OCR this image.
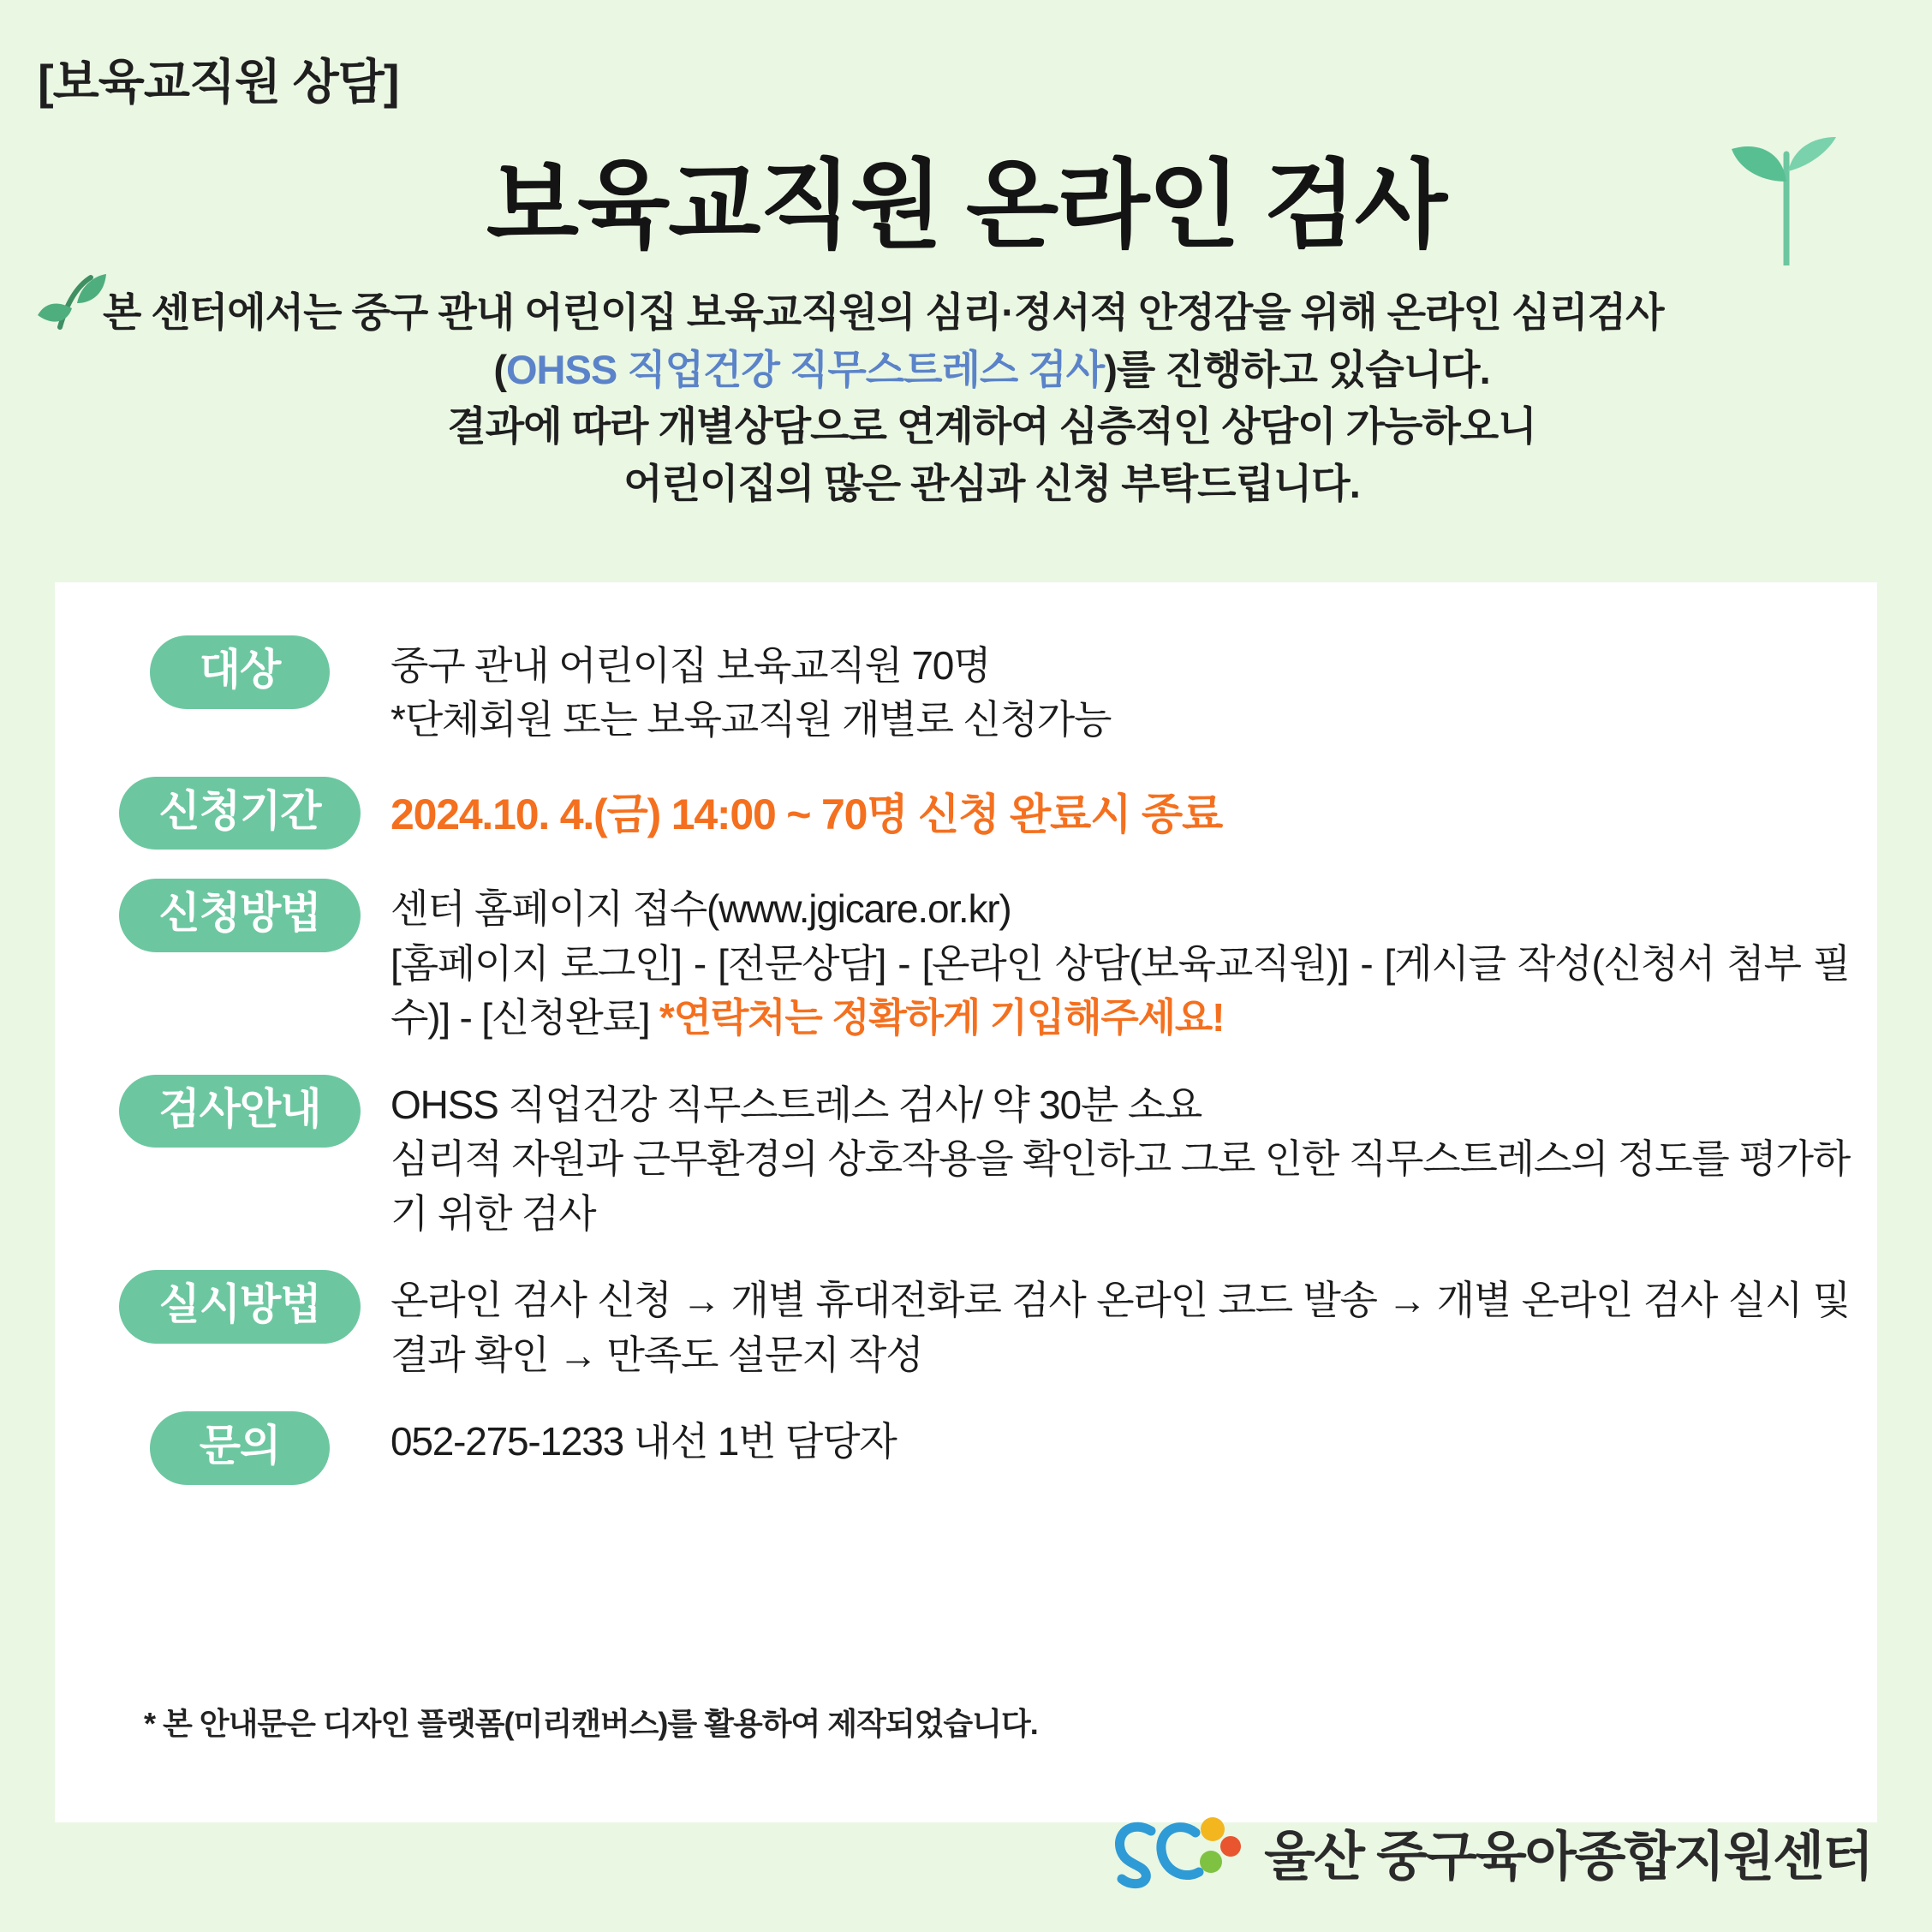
[보육교직원 상담]
보육교직원 온라인 검사
본 센터에서는 중구 관내 어린이집 보육교직원의 심리·정서적 안정감을 위해 온라인 심리검사
(OHSS 직업건강 직무스트레스 검사)를 진행하고 있습니다.
결과에 따라 개별상담으로 연계하여 심층적인 상담이 가능하오니
어린이집의 많은 관심과 신청 부탁드립니다.
대상	중구 관내 어린이집 보육교직원 70명
*단체회원 또는 보육교직원 개별로 신청가능
신청기간	2024.10. 4.(금) 14:00 ~ 70명 신청 완료시 종료
신청방법	센터 홈페이지 접수(www.jgicare.or.kr)
[홈페이지 로그인] - [전문상담] - [온라인 상담(보육교직원)] - [게시글 작성(신청서 첨부 필수)] - [신청완료] *연락처는 정확하게 기입해주세요!
검사안내	OHSS 직업건강 직무스트레스 검사/ 약 30분 소요
심리적 자원과 근무환경의 상호작용을 확인하고 그로 인한 직무스트레스의 정도를 평가하기 위한 검사
실시방법	온라인 검사 신청 → 개별 휴대전화로 검사 온라인 코드 발송 → 개별 온라인 검사 실시 및 결과 확인 → 만족도 설문지 작성
문의	052-275-1233 내선 1번 담당자
* 본 안내문은 디자인 플랫폼(미리캔버스)를 활용하여 제작되었습니다.
울산 중구육아종합지원센터
